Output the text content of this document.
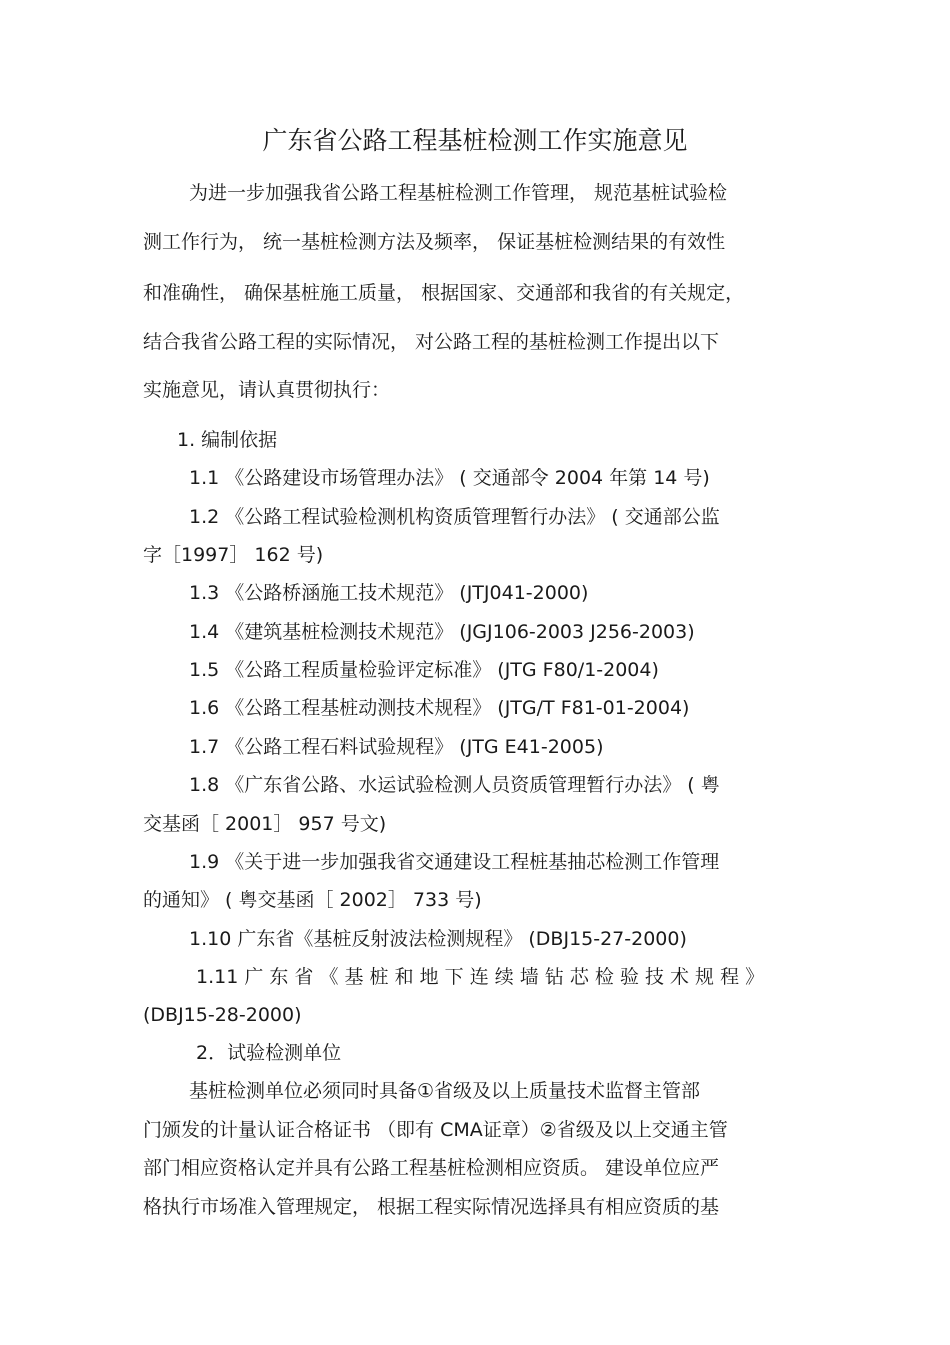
广东省公路工程基桩检测工作实施意见
为进一步加强我省公路工程基桩检测工作管理， 规范基桩试验检
测工作行为， 统一基桩检测方法及频率， 保证基桩检测结果的有效性
和准确性， 确保基桩施工质量， 根据国家、交通部和我省的有关规定，
结合我省公路工程的实际情况， 对公路工程的基桩检测工作提出以下
实施意见，请认真贯彻执行：
1. 编制依据
1.1 《公路建设市场管理办法》 ( 交通部令 2004 年第 14 号)
1.2 《公路工程试验检测机构资质管理暂行办法》 ( 交通部公监
字［1997］ 162 号)
1.3 《公路桥涵施工技术规范》 (JTJ041-2000)
1.4 《建筑基桩检测技术规范》 (JGJ106-2003 J256-2003)
1.5 《公路工程质量检验评定标准》 (JTG F80/1-2004)
1.6 《公路工程基桩动测技术规程》 (JTG/T F81-01-2004)
1.7 《公路工程石料试验规程》 (JTG E41-2005)
1.8 《广东省公路、水运试验检测人员资质管理暂行办法》 ( 粤
交基函［ 2001］ 957 号文)
1.9 《关于进一步加强我省交通建设工程桩基抽芯检测工作管理
的通知》 ( 粤交基函［ 2002］ 733 号)
1.10 广东省《基桩反射波法检测规程》 (DBJ15-27-2000)
1.11 广 东 省 《 基 桩 和 地 下 连 续 墙 钻 芯 检 验 技 术 规 程 》
(DBJ15-28-2000)
2．试验检测单位
基桩检测单位必须同时具备①省级及以上质量技术监督主管部
门颁发的计量认证合格证书 （即有 CMA证章）②省级及以上交通主管
部门相应资格认定并具有公路工程基桩检测相应资质。 建设单位应严
格执行市场准入管理规定， 根据工程实际情况选择具有相应资质的基
